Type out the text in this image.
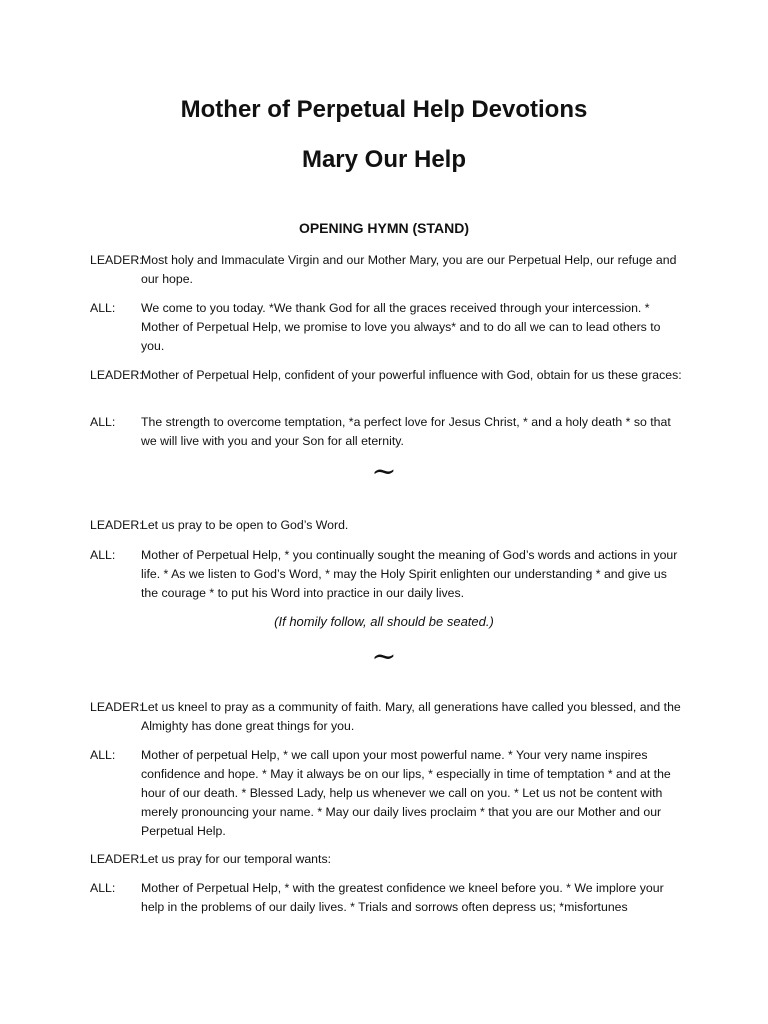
Mother of Perpetual Help Devotions
Mary Our Help
OPENING HYMN (STAND)
LEADER:
Most holy and Immaculate Virgin and our Mother Mary, you are our Perpetual Help, our refuge and our hope.
ALL:	We come to you today. *We thank God for all the graces received through your intercession. * Mother of Perpetual Help, we promise to love you always* and to do all we can to lead others to you.
LEADER:
Mother of Perpetual Help, confident of your powerful influence with God, obtain for us these graces:
ALL:	The strength to overcome temptation, *a perfect love for Jesus Christ, * and a holy death * so that we will live with you and your Son for all eternity.
~
LEADER:
Let us pray to be open to God’s Word.
ALL:	Mother of Perpetual Help, * you continually sought the meaning of God’s words and actions in your life. * As we listen to God’s Word, * may the Holy Spirit enlighten our understanding * and give us the courage * to put his Word into practice in our daily lives.
(If homily follow, all should be seated.)
~
LEADER:
Let us kneel to pray as a community of faith. Mary, all generations have called you blessed, and the Almighty has done great things for you.
ALL:	Mother of perpetual Help, * we call upon your most powerful name. * Your very name inspires confidence and hope. * May it always be on our lips, * especially in time of temptation * and at the hour of our death. * Blessed Lady, help us whenever we call on you. * Let us not be content with merely pronouncing your name. * May our daily lives proclaim * that you are our Mother and our Perpetual Help.
LEADER:
Let us pray for our temporal wants:
ALL:	Mother of Perpetual Help, * with the greatest confidence we kneel before you. * We implore your help in the problems of our daily lives. * Trials and sorrows often depress us; *misfortunes
